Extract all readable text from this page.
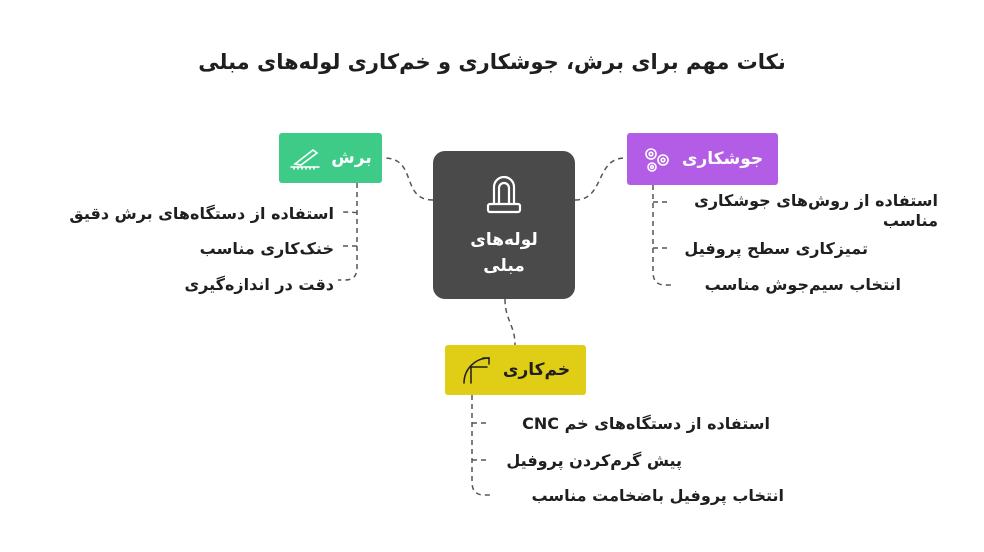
نکات مهم برای برش، جوشکاری و خم‌کاری لوله‌های مبلی
لوله‌های مبلی
برش	جوشکاری
خم‌کاری
استفاده از دستگاه‌های برش دقیق
خنک‌کاری مناسب
دقت در اندازه‌گیری
استفاده از روش‌های جوشکاری مناسب
تمیزکاری سطح پروفیل
انتخاب سیم‌جوش مناسب
استفاده از دستگاه‌های خم CNC
پیش گرم‌کردن پروفیل
انتخاب پروفیل باضخامت مناسب
